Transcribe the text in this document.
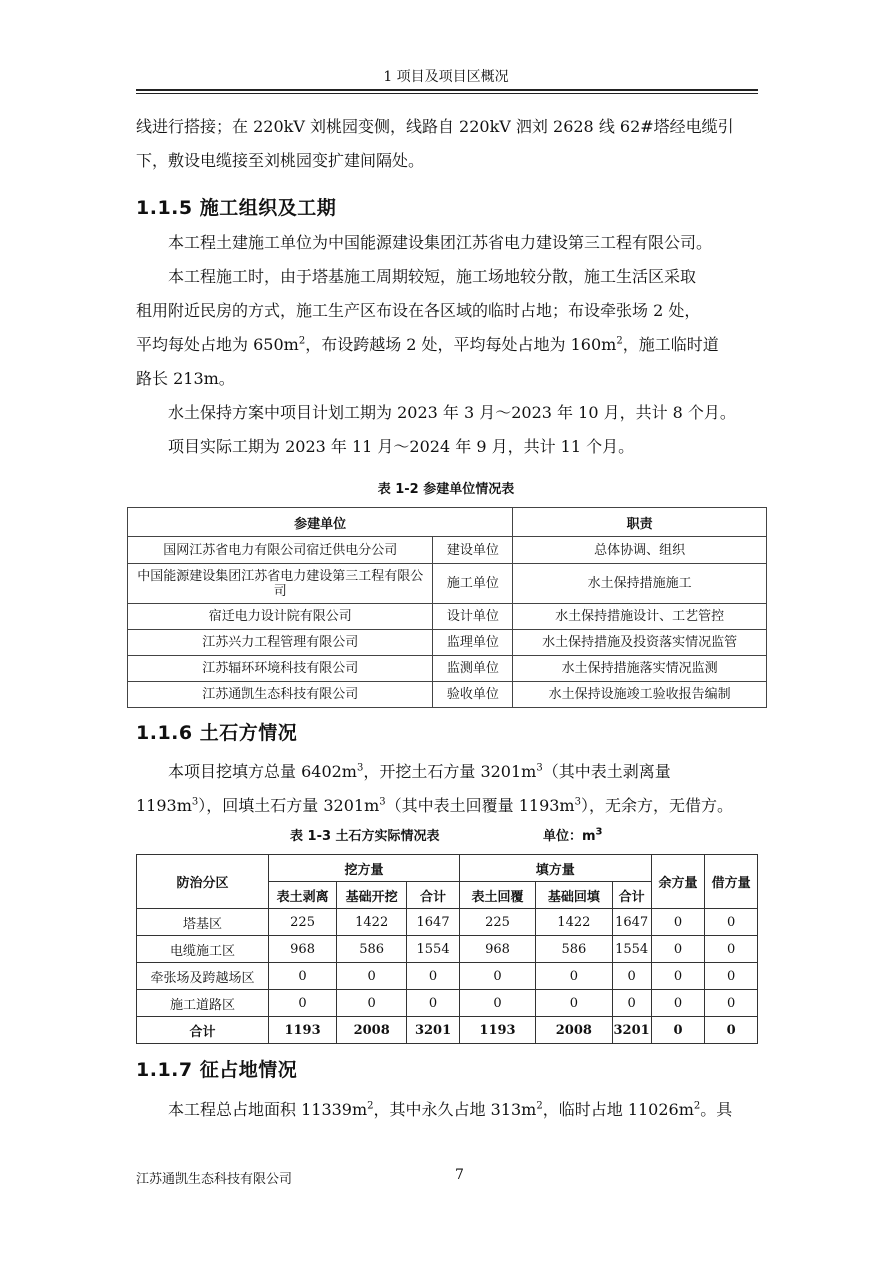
1 项目及项目区概况
线进行搭接；在 220kV 刘桃园变侧，线路自 220kV 泗刘 2628 线 62#塔经电缆引
下，敷设电缆接至刘桃园变扩建间隔处。
1.1.5 施工组织及工期
本工程土建施工单位为中国能源建设集团江苏省电力建设第三工程有限公司。
本工程施工时，由于塔基施工周期较短，施工场地较分散，施工生活区采取
租用附近民房的方式，施工生产区布设在各区域的临时占地；布设牵张场 2 处，
平均每处占地为 $650m^2$，布设跨越场 2 处，平均每处占地为 $160m^2$，施工临时道
路长 213m。
水土保持方案中项目计划工期为 2023 年 3 月～2023 年 10 月，共计 8 个月。
项目实际工期为 2023 年 11 月～2024 年 9 月，共计 11 个月。
表 1-2 参建单位情况表
参建单位		职责
国网江苏省电力有限公司宿迁供电分公司	建设单位	总体协调、组织
中国能源建设集团江苏省电力建设第三工程有限公司	施工单位	水土保持措施施工
宿迁电力设计院有限公司	设计单位	水土保持措施设计、工艺管控
江苏兴力工程管理有限公司	监理单位	水土保持措施及投资落实情况监管
江苏辐环环境科技有限公司	监测单位	水土保持措施落实情况监测
江苏通凯生态科技有限公司	验收单位	水土保持设施竣工验收报告编制
1.1.6 土石方情况
本项目挖填方总量 $6402m^3$，开挖土石方量 $3201m^3$（其中表土剥离量
$1193m^3$），回填土石方量 $3201m^3$（其中表土回覆量 $1193m^3$），无余方，无借方。
表 1-3 土石方实际情况表	单位：$m^3$
防治分区	挖方量			填方量			余方量	借方量
	表土剥离	基础开挖	合计	表土回覆	基础回填	合计		
塔基区	225	1422	1647	225	1422	1647	0	0
电缆施工区	968	586	1554	968	586	1554	0	0
牵张场及跨越场区	0	0	0	0	0	0	0	0
施工道路区	0	0	0	0	0	0	0	0
合计	1193	2008	3201	1193	2008	3201	0	0
1.1.7 征占地情况
本工程总占地面积 $11339m^2$，其中永久占地 $313m^2$，临时占地 $11026m^2$。具
江苏通凯生态科技有限公司	7
